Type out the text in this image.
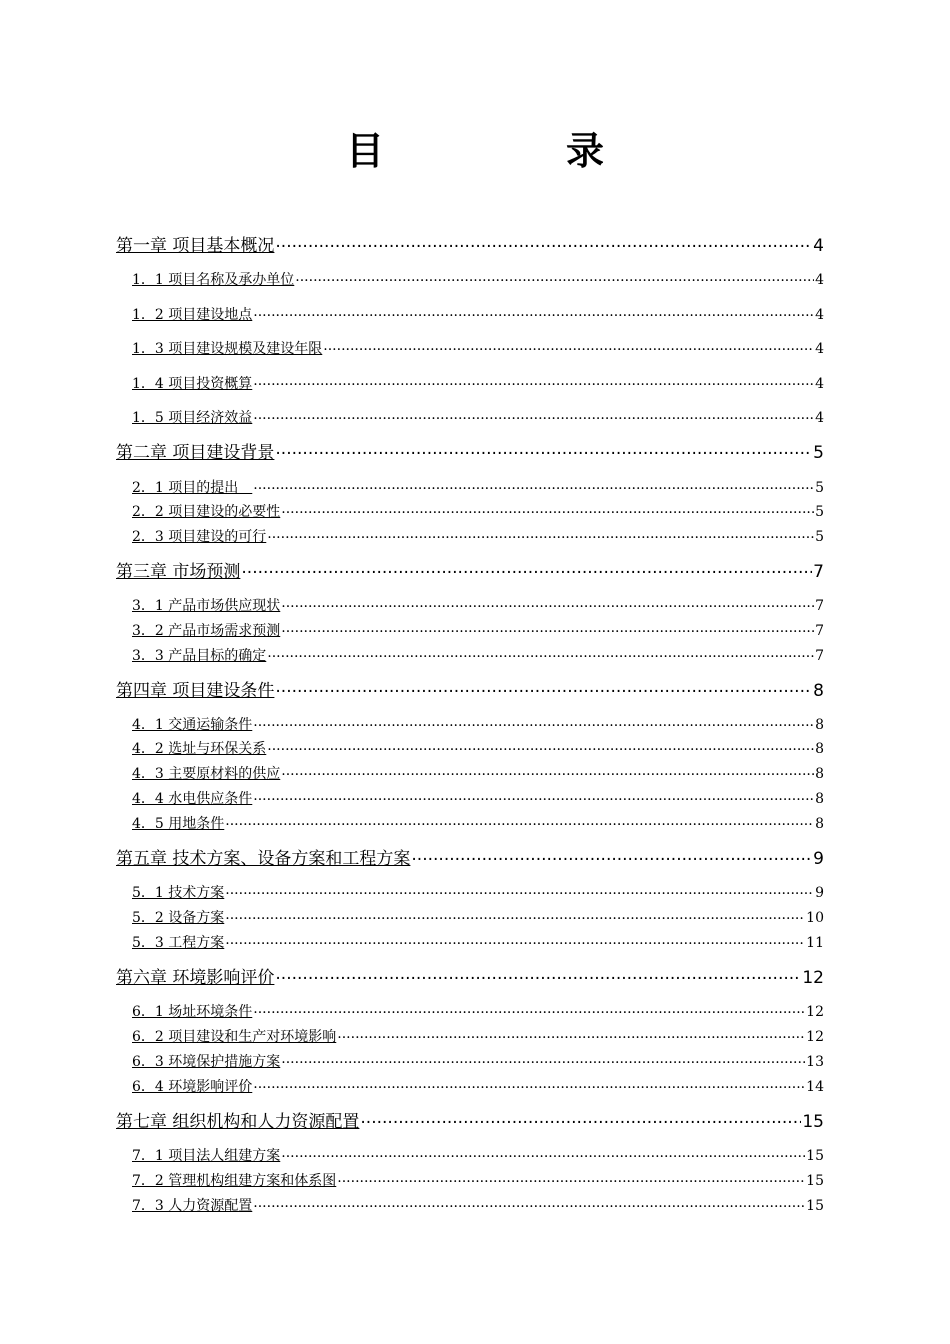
目　录
第一章 项目基本概况 .....	4
1．1 项目名称及承办单位 .....	4
1．2 项目建设地点 .....	4
1．3 项目建设规模及建设年限 .....	4
1．4 项目投资概算 .....	4
1．5 项目经济效益 .....	4
第二章 项目建设背景 .....	5
2．1 项目的提出　 .....	5
2．2 项目建设的必要性 .....	5
2．3 项目建设的可行 .....	5
第三章 市场预测 .....	7
3．1 产品市场供应现状 .....	7
3．2 产品市场需求预测 .....	7
3．3 产品目标的确定 .....	7
第四章 项目建设条件 .....	8
4．1 交通运输条件 .....	8
4．2 选址与环保关系 .....	8
4．3 主要原材料的供应 .....	8
4．4 水电供应条件 .....	8
4．5 用地条件 .....	8
第五章 技术方案、设备方案和工程方案 .....	9
5．1 技术方案 .....	9
5．2 设备方案 .....	10
5．3 工程方案 .....	11
第六章 环境影响评价 .....	12
6．1 场址环境条件 .....	12
6．2 项目建设和生产对环境影响 .....	12
6．3 环境保护措施方案 .....	13
6．4 环境影响评价 .....	14
第七章 组织机构和人力资源配置 .....	15
7．1 项目法人组建方案 .....	15
7．2 管理机构组建方案和体系图 .....	15
7．3 人力资源配置 .....	15
